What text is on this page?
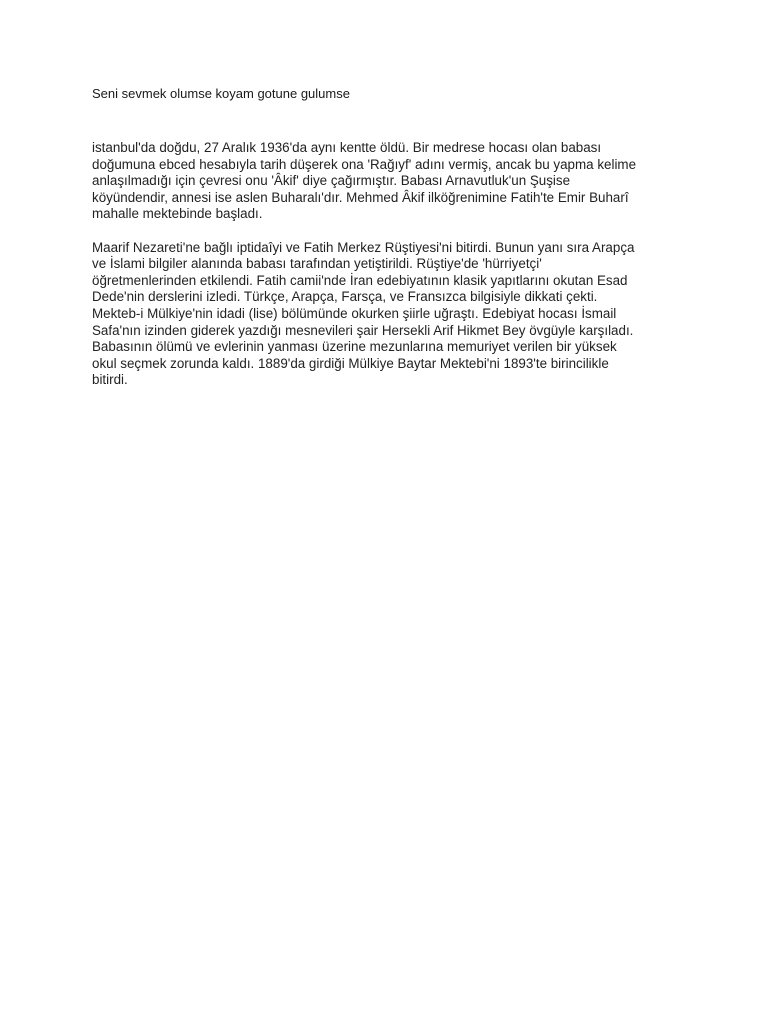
Seni sevmek olumse koyam gotune gulumse

istanbul'da doğdu, 27 Aralık 1936'da aynı kentte öldü. Bir medrese hocası olan babası
doğumuna ebced hesabıyla tarih düşerek ona 'Rağıyf' adını vermiş, ancak bu yapma kelime
anlaşılmadığı için çevresi onu 'Âkif' diye çağırmıştır. Babası Arnavutluk'un Şuşise
köyündendir, annesi ise aslen Buharalı'dır. Mehmed Âkif ilköğrenimine Fatih'te Emir Buharî
mahalle mektebinde başladı.

Maarif Nezareti'ne bağlı iptidaîyi ve Fatih Merkez Rüştiyesi'ni bitirdi. Bunun yanı sıra Arapça
ve İslami bilgiler alanında babası tarafından yetiştirildi. Rüştiye'de 'hürriyetçi'
öğretmenlerinden etkilendi. Fatih camii'nde İran edebiyatının klasik yapıtlarını okutan Esad
Dede'nin derslerini izledi. Türkçe, Arapça, Farsça, ve Fransızca bilgisiyle dikkati çekti.
Mekteb-i Mülkiye'nin idadi (lise) bölümünde okurken şiirle uğraştı. Edebiyat hocası İsmail
Safa'nın izinden giderek yazdığı mesnevileri şair Hersekli Arif Hikmet Bey övgüyle karşıladı.
Babasının ölümü ve evlerinin yanması üzerine mezunlarına memuriyet verilen bir yüksek
okul seçmek zorunda kaldı. 1889'da girdiği Mülkiye Baytar Mektebi'ni 1893'te birincilikle
bitirdi.
